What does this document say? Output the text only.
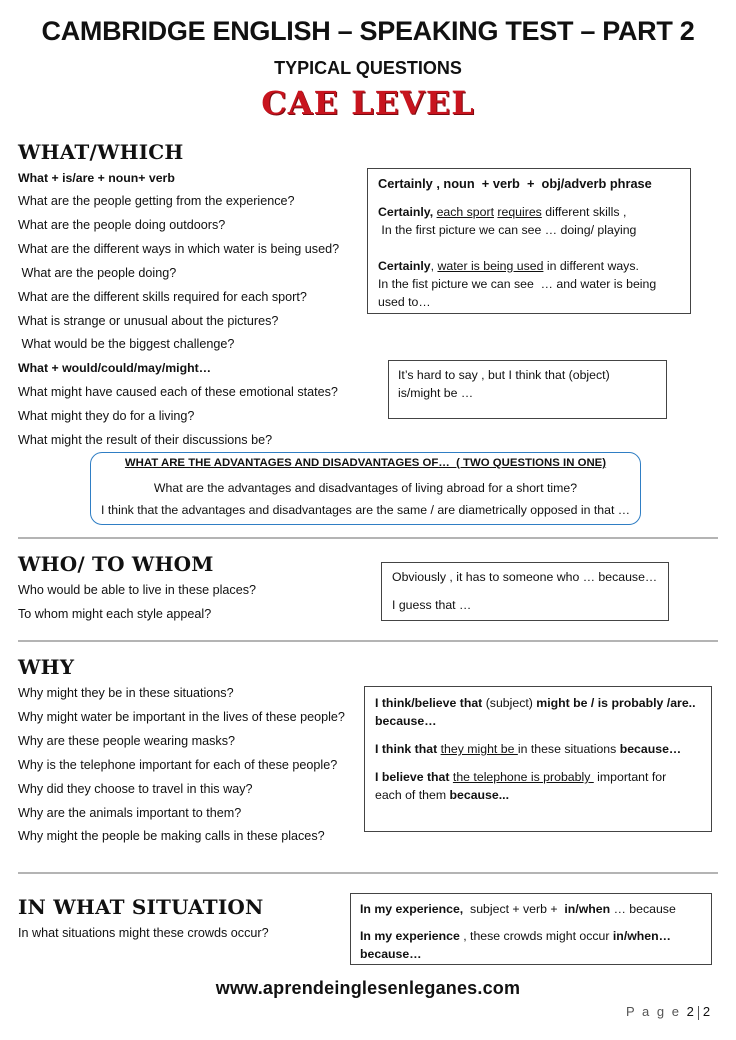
CAMBRIDGE ENGLISH – SPEAKING TEST – PART 2
TYPICAL QUESTIONS
CAE LEVEL
WHAT/WHICH
What + is/are + noun+ verb
What are the people getting from the experience?
What are the people doing outdoors?
What are the different ways in which water is being used?
What are the people doing?
What are the different skills required for each sport?
What is strange or unusual about the pictures?
What would be the biggest challenge?
What + would/could/may/might…
What might have caused each of these emotional states?
What might they do for a living?
What might the result of their discussions be?

Certainly , noun  + verb  +  obj/adverb phrase

Certainly, each sport requires different skills ,

In the first picture we can see … doing/ playing

Certainly, water is being used in different ways.

In the fist picture we can see  … and water is being

used to…

It’s hard to say , but I think that (object)

is/might be …

WHAT ARE THE ADVANTAGES AND DISADVANTAGES OF…  ( TWO QUESTIONS IN ONE)
What are the advantages and disadvantages of living abroad for a short time?
I think that the advantages and disadvantages are the same / are diametrically opposed in that …
WHO/ TO WHOM
Who would be able to live in these places?
To whom might each style appeal?

Obviously , it has to someone who … because…

I guess that …

WHY
Why might they be in these situations?
Why might water be important in the lives of these people?
Why are these people wearing masks?
Why is the telephone important for each of these people?
Why did they choose to travel in this way?
Why are the animals important to them?
Why might the people be making calls in these places?

I think/believe that (subject) might be / is probably /are..

because…

I think that they might be in these situations because…

I believe that the telephone is probably  important for

each of them because...

IN WHAT SITUATION
In what situations might these crowds occur?

In my experience,  subject + verb +  in/when … because

In my experience , these crowds might occur in/when…

because…

www.aprendeinglesenleganes.com
P a g e 2 2
